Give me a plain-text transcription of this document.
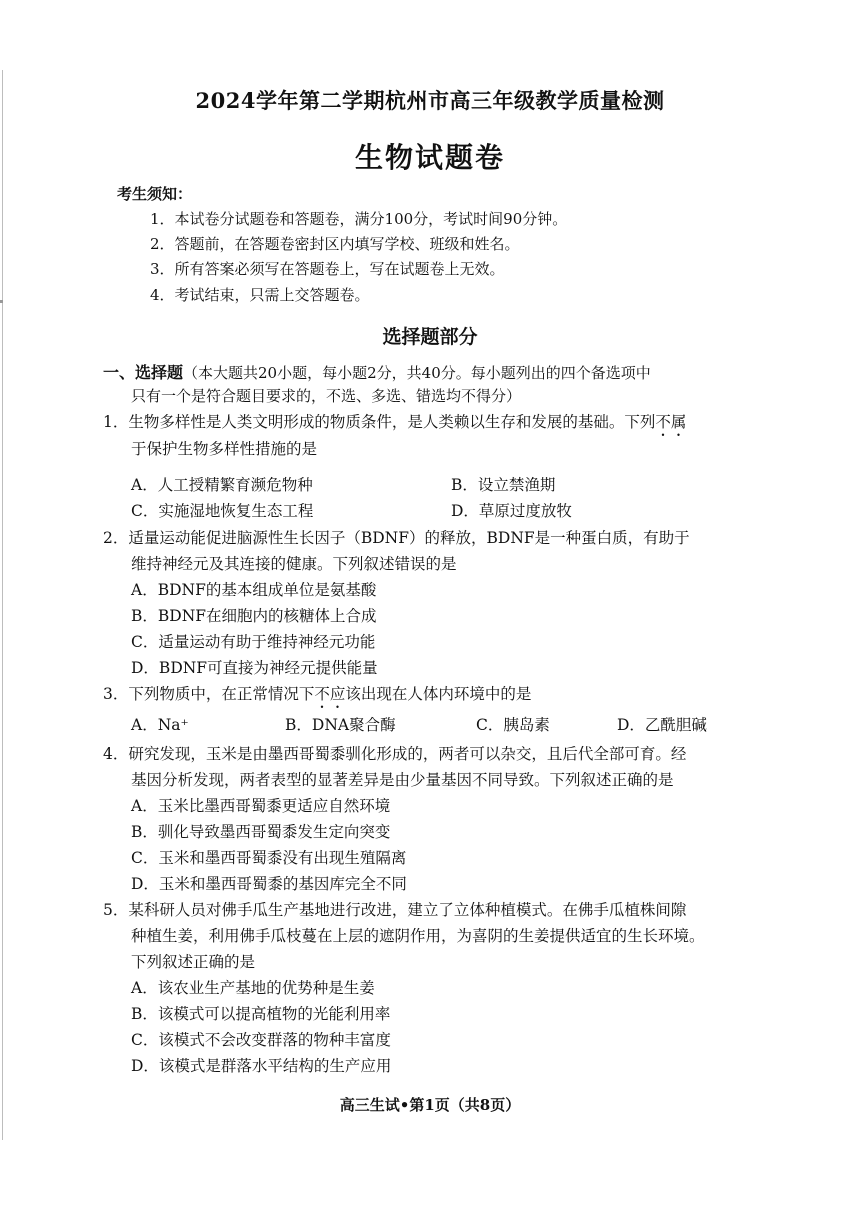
2024学年第二学期杭州市高三年级教学质量检测
生物试题卷
考生须知：
1．本试卷分试题卷和答题卷，满分100分，考试时间90分钟。
2．答题前，在答题卷密封区内填写学校、班级和姓名。
3．所有答案必须写在答题卷上，写在试题卷上无效。
4．考试结束，只需上交答题卷。
选择题部分
一、选择题（本大题共20小题，每小题2分，共40分。每小题列出的四个备选项中
只有一个是符合题目要求的，不选、多选、错选均不得分）
1．生物多样性是人类文明形成的物质条件，是人类赖以生存和发展的基础。下列不属
于保护生物多样性措施的是
A．人工授精繁育濒危物种	B．设立禁渔期
C．实施湿地恢复生态工程	D．草原过度放牧
2．适量运动能促进脑源性生长因子（BDNF）的释放，BDNF是一种蛋白质，有助于
维持神经元及其连接的健康。下列叙述错误的是
A．BDNF的基本组成单位是氨基酸
B．BDNF在细胞内的核糖体上合成
C．适量运动有助于维持神经元功能
D．BDNF可直接为神经元提供能量
3．下列物质中，在正常情况下不应该出现在人体内环境中的是
A．Na⁺	B．DNA聚合酶	C．胰岛素	D．乙酰胆碱
4．研究发现，玉米是由墨西哥蜀黍驯化形成的，两者可以杂交，且后代全部可育。经
基因分析发现，两者表型的显著差异是由少量基因不同导致。下列叙述正确的是
A．玉米比墨西哥蜀黍更适应自然环境
B．驯化导致墨西哥蜀黍发生定向突变
C．玉米和墨西哥蜀黍没有出现生殖隔离
D．玉米和墨西哥蜀黍的基因库完全不同
5．某科研人员对佛手瓜生产基地进行改进，建立了立体种植模式。在佛手瓜植株间隙
种植生姜，利用佛手瓜枝蔓在上层的遮阴作用，为喜阴的生姜提供适宜的生长环境。
下列叙述正确的是
A．该农业生产基地的优势种是生姜
B．该模式可以提高植物的光能利用率
C．该模式不会改变群落的物种丰富度
D．该模式是群落水平结构的生产应用
高三生试•第1页（共8页）
